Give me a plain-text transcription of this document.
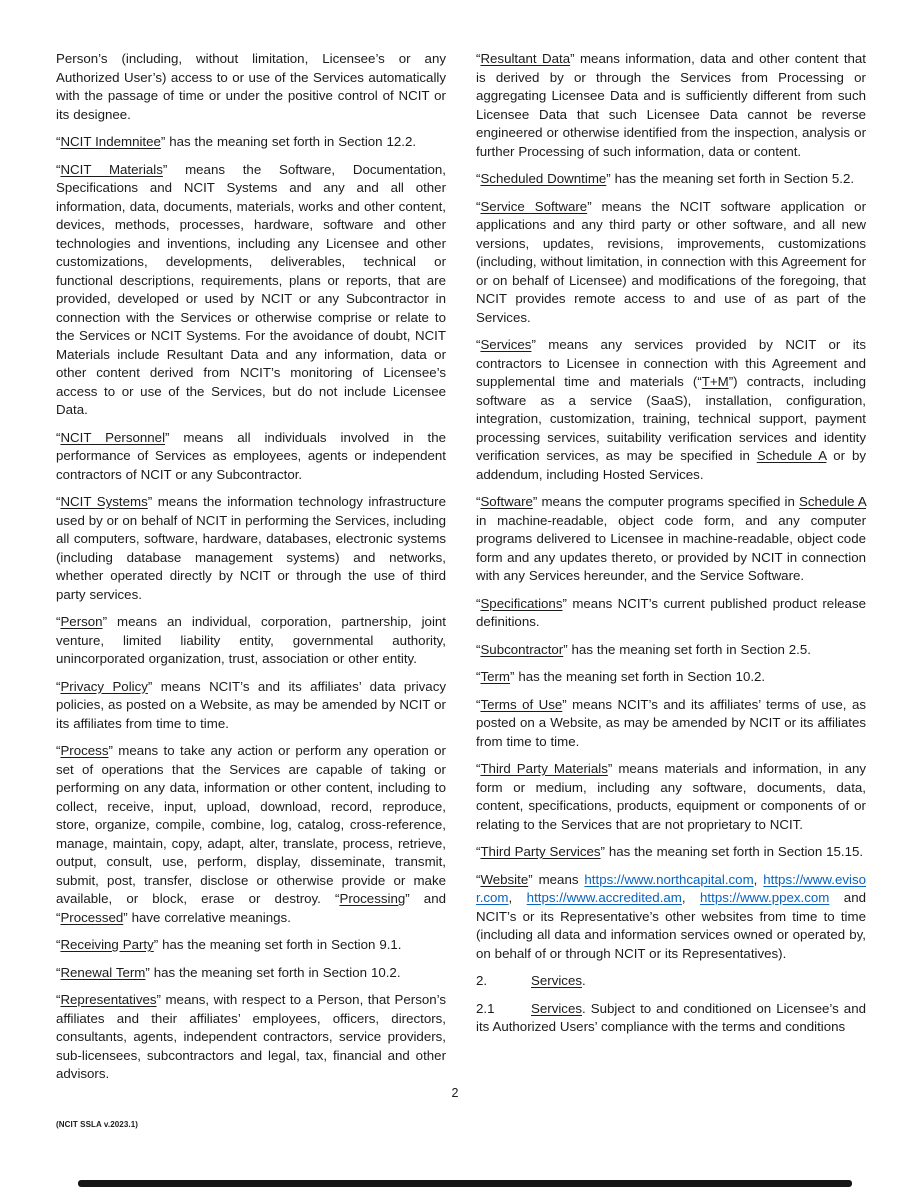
Person’s (including, without limitation, Licensee’s or any Authorized User’s) access to or use of the Services automatically with the passage of time or under the positive control of NCIT or its designee.

“NCIT Indemnitee” has the meaning set forth in Section 12.2.

“NCIT Materials” means the Software, Documentation, Specifications and NCIT Systems and any and all other information, data, documents, materials, works and other content, devices, methods, processes, hardware, software and other technologies and inventions, including any Licensee and other customizations, developments, deliverables, technical or functional descriptions, requirements, plans or reports, that are provided, developed or used by NCIT or any Subcontractor in connection with the Services or otherwise comprise or relate to the Services or NCIT Systems. For the avoidance of doubt, NCIT Materials include Resultant Data and any information, data or other content derived from NCIT’s monitoring of Licensee’s access to or use of the Services, but do not include Licensee Data.

“NCIT Personnel” means all individuals involved in the performance of Services as employees, agents or independent contractors of NCIT or any Subcontractor.

“NCIT Systems” means the information technology infrastructure used by or on behalf of NCIT in performing the Services, including all computers, software, hardware, databases, electronic systems (including database management systems) and networks, whether operated directly by NCIT or through the use of third party services.

“Person” means an individual, corporation, partnership, joint venture, limited liability entity, governmental authority, unincorporated organization, trust, association or other entity.

“Privacy Policy” means NCIT’s and its affiliates’ data privacy policies, as posted on a Website, as may be amended by NCIT or its affiliates from time to time.

“Process” means to take any action or perform any operation or set of operations that the Services are capable of taking or performing on any data, information or other content, including to collect, receive, input, upload, download, record, reproduce, store, organize, compile, combine, log, catalog, cross-reference, manage, maintain, copy, adapt, alter, translate, process, retrieve, output, consult, use, perform, display, disseminate, transmit, submit, post, transfer, disclose or otherwise provide or make available, or block, erase or destroy. “Processing” and “Processed” have correlative meanings.

“Receiving Party” has the meaning set forth in Section 9.1.

“Renewal Term” has the meaning set forth in Section 10.2.

“Representatives” means, with respect to a Person, that Person’s affiliates and their affiliates’ employees, officers, directors, consultants, agents, independent contractors, service providers, sub-licensees, subcontractors and legal, tax, financial and other advisors.

“Resultant Data” means information, data and other content that is derived by or through the Services from Processing or aggregating Licensee Data and is sufficiently different from such Licensee Data that such Licensee Data cannot be reverse engineered or otherwise identified from the inspection, analysis or further Processing of such information, data or content.

“Scheduled Downtime” has the meaning set forth in Section 5.2.

“Service Software” means the NCIT software application or applications and any third party or other software, and all new versions, updates, revisions, improvements, customizations (including, without limitation, in connection with this Agreement for or on behalf of Licensee) and modifications of the foregoing, that NCIT provides remote access to and use of as part of the Services.

“Services” means any services provided by NCIT or its contractors to Licensee in connection with this Agreement and supplemental time and materials (“T+M”) contracts, including software as a service (SaaS), installation, configuration, integration, customization, training, technical support, payment processing services, suitability verification services and identity verification services, as may be specified in Schedule A or by addendum, including Hosted Services.

“Software” means the computer programs specified in Schedule A in machine-readable, object code form, and any computer programs delivered to Licensee in machine-readable, object code form and any updates thereto, or provided by NCIT in connection with any Services hereunder, and the Service Software.

“Specifications” means NCIT’s current published product release definitions.

“Subcontractor” has the meaning set forth in Section 2.5.

“Term” has the meaning set forth in Section 10.2.

“Terms of Use” means NCIT’s and its affiliates’ terms of use, as posted on a Website, as may be amended by NCIT or its affiliates from time to time.

“Third Party Materials” means materials and information, in any form or medium, including any software, documents, data, content, specifications, products, equipment or components of or relating to the Services that are not proprietary to NCIT.

“Third Party Services” has the meaning set forth in Section 15.15.

“Website” means https://www.northcapital.com, https://www.evisor.com, https://www.accredited.am, https://www.ppex.com and NCIT’s or its Representative’s other websites from time to time (including all data and information services owned or operated by, on behalf of or through NCIT or its Representatives).

2.	Services.

2.1	Services. Subject to and conditioned on Licensee’s and its Authorized Users’ compliance with the terms and conditions

2
(NCIT SSLA v.2023.1)
